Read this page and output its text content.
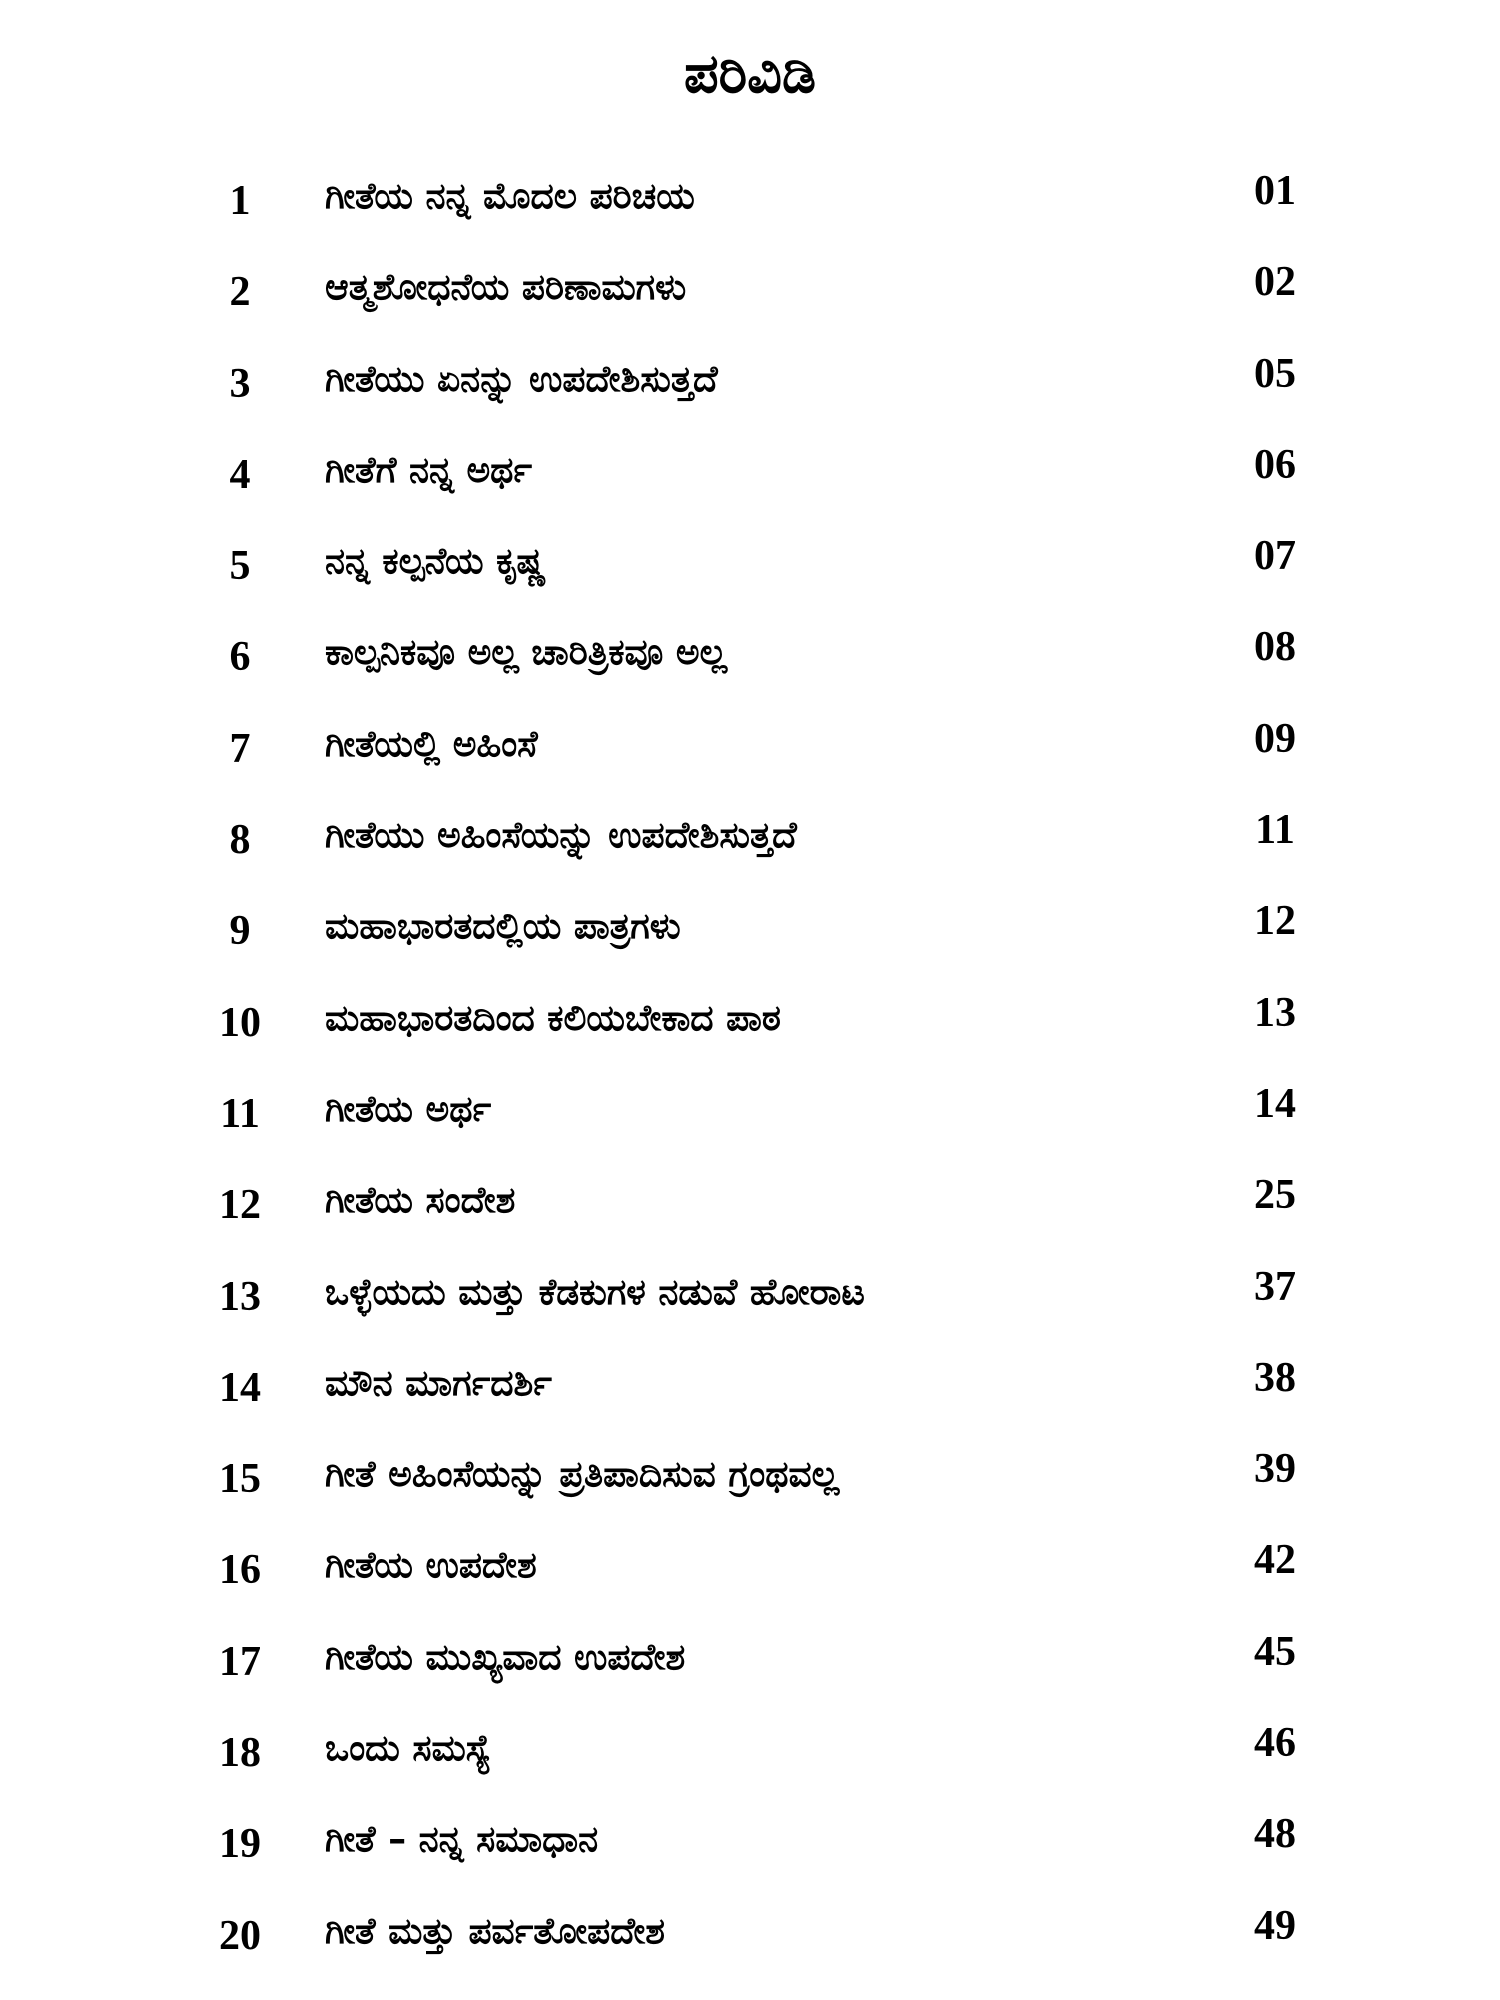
ಪರಿವಿಡಿ
1	ಗೀತೆಯ ನನ್ನ ಮೊದಲ ಪರಿಚಯ	01
2	ಆತ್ಮಶೋಧನೆಯ ಪರಿಣಾಮಗಳು	02
3	ಗೀತೆಯು ಏನನ್ನು ಉಪದೇಶಿಸುತ್ತದೆ	05
4	ಗೀತೆಗೆ ನನ್ನ ಅರ್ಥ	06
5	ನನ್ನ ಕಲ್ಪನೆಯ ಕೃಷ್ಣ	07
6	ಕಾಲ್ಪನಿಕವೂ ಅಲ್ಲ ಚಾರಿತ್ರಿಕವೂ ಅಲ್ಲ	08
7	ಗೀತೆಯಲ್ಲಿ ಅಹಿಂಸೆ	09
8	ಗೀತೆಯು ಅಹಿಂಸೆಯನ್ನು ಉಪದೇಶಿಸುತ್ತದೆ	11
9	ಮಹಾಭಾರತದಲ್ಲಿಯ ಪಾತ್ರಗಳು	12
10	ಮಹಾಭಾರತದಿಂದ ಕಲಿಯಬೇಕಾದ ಪಾಠ	13
11	ಗೀತೆಯ ಅರ್ಥ	14
12	ಗೀತೆಯ ಸಂದೇಶ	25
13	ಒಳ್ಳೆಯದು ಮತ್ತು ಕೆಡಕುಗಳ ನಡುವೆ ಹೋರಾಟ	37
14	ಮೌನ ಮಾರ್ಗದರ್ಶಿ	38
15	ಗೀತೆ ಅಹಿಂಸೆಯನ್ನು ಪ್ರತಿಪಾದಿಸುವ ಗ್ರಂಥವಲ್ಲ	39
16	ಗೀತೆಯ ಉಪದೇಶ	42
17	ಗೀತೆಯ ಮುಖ್ಯವಾದ ಉಪದೇಶ	45
18	ಒಂದು ಸಮಸ್ಯೆ	46
19	ಗೀತೆ – ನನ್ನ ಸಮಾಧಾನ	48
20	ಗೀತೆ ಮತ್ತು ಪರ್ವತೋಪದೇಶ	49
